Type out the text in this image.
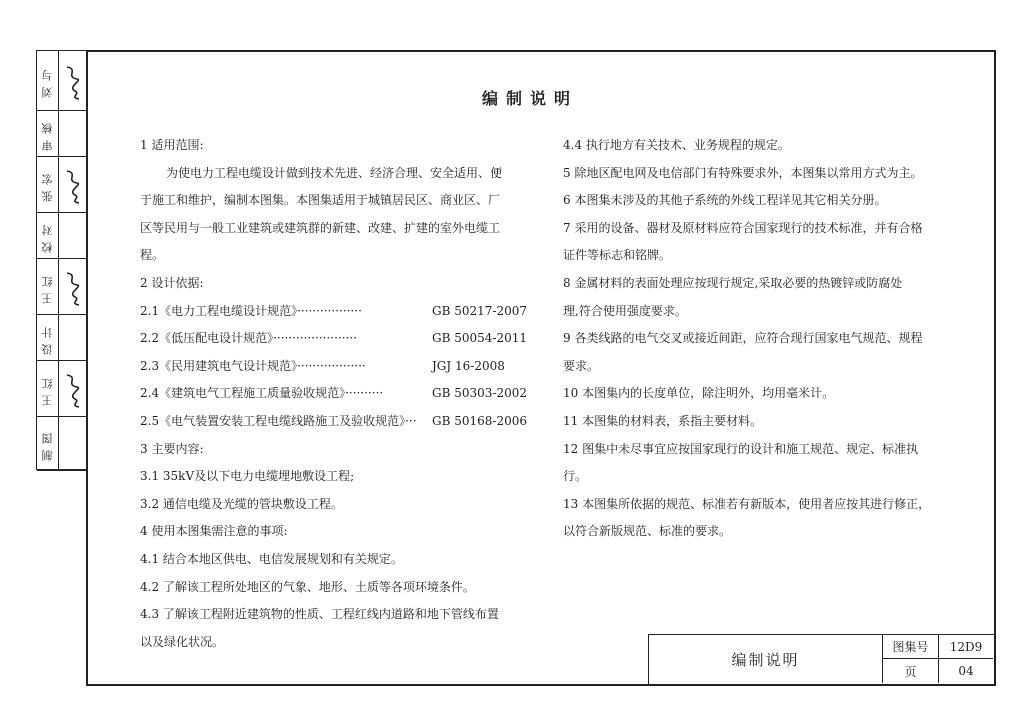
刘与
审核
张宏
校对
王红
设计
王红
制图
编制说明
1 适用范围:
为使电力工程电缆设计做到技术先进、经济合理、安全适用、便
于施工和维护，编制本图集。本图集适用于城镇居民区、商业区、厂
区等民用与一般工业建筑或建筑群的新建、改建、扩建的室外电缆工
程。
2 设计依据:
2.1《电力工程电缆设计规范》·················	GB 50217-2007
2.2《低压配电设计规范》······················	GB 50054-2011
2.3《民用建筑电气设计规范》··················	JGJ 16-2008
2.4《建筑电气工程施工质量验收规范》··········	GB 50303-2002
2.5《电气装置安装工程电缆线路施工及验收规范》··· GB 50168-2006
3 主要内容:
3.1 35kV及以下电力电缆埋地敷设工程;
3.2 通信电缆及光缆的管块敷设工程。
4 使用本图集需注意的事项:
4.1 结合本地区供电、电信发展规划和有关规定。
4.2 了解该工程所处地区的气象、地形、土质等各项环境条件。
4.3 了解该工程附近建筑物的性质、工程红线内道路和地下管线布置
以及绿化状况。
4.4 执行地方有关技术、业务规程的规定。
5 除地区配电网及电信部门有特殊要求外，本图集以常用方式为主。
6 本图集未涉及的其他子系统的外线工程详见其它相关分册。
7 采用的设备、器材及原材料应符合国家现行的技术标准，并有合格
证件等标志和铭牌。
8 金属材料的表面处理应按现行规定,采取必要的热镀锌或防腐处
理,符合使用强度要求。
9 各类线路的电气交叉或接近间距，应符合现行国家电气规范、规程
要求。
10 本图集内的长度单位，除注明外，均用毫米计。
11 本图集的材料表，系指主要材料。
12 图集中未尽事宜应按国家现行的设计和施工规范、规定、标准执
行。
13 本图集所依据的规范、标准若有新版本，使用者应按其进行修正，
以符合新版规范、标准的要求。
编制说明
图集号	12D9
页	04
